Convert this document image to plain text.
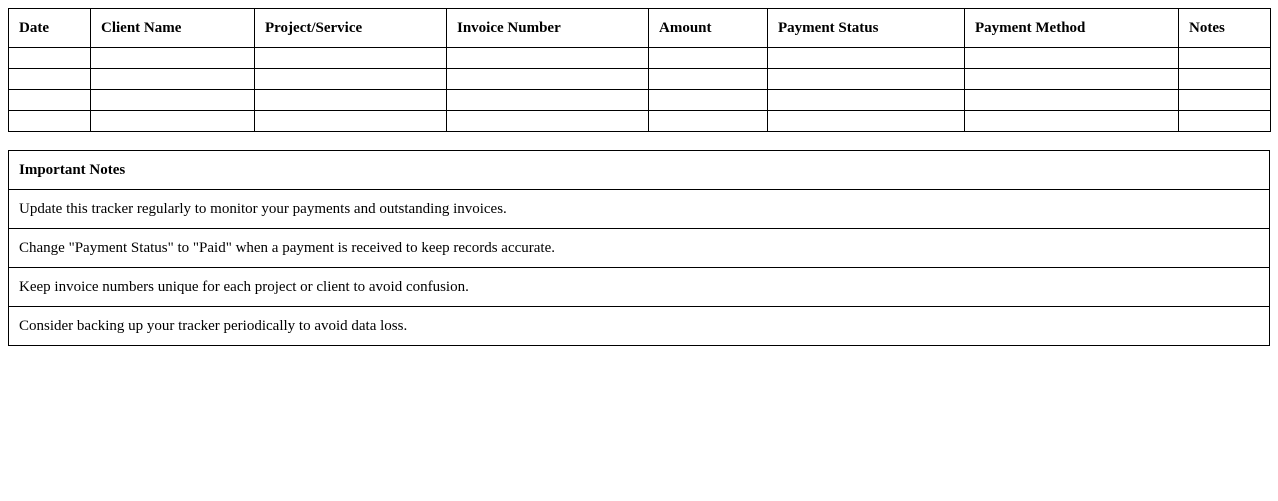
Date	Client Name	Project/Service	Invoice Number	Amount	Payment Status	Payment Method	Notes

Important Notes
Update this tracker regularly to monitor your payments and outstanding invoices.
Change "Payment Status" to "Paid" when a payment is received to keep records accurate.
Keep invoice numbers unique for each project or client to avoid confusion.
Consider backing up your tracker periodically to avoid data loss.
